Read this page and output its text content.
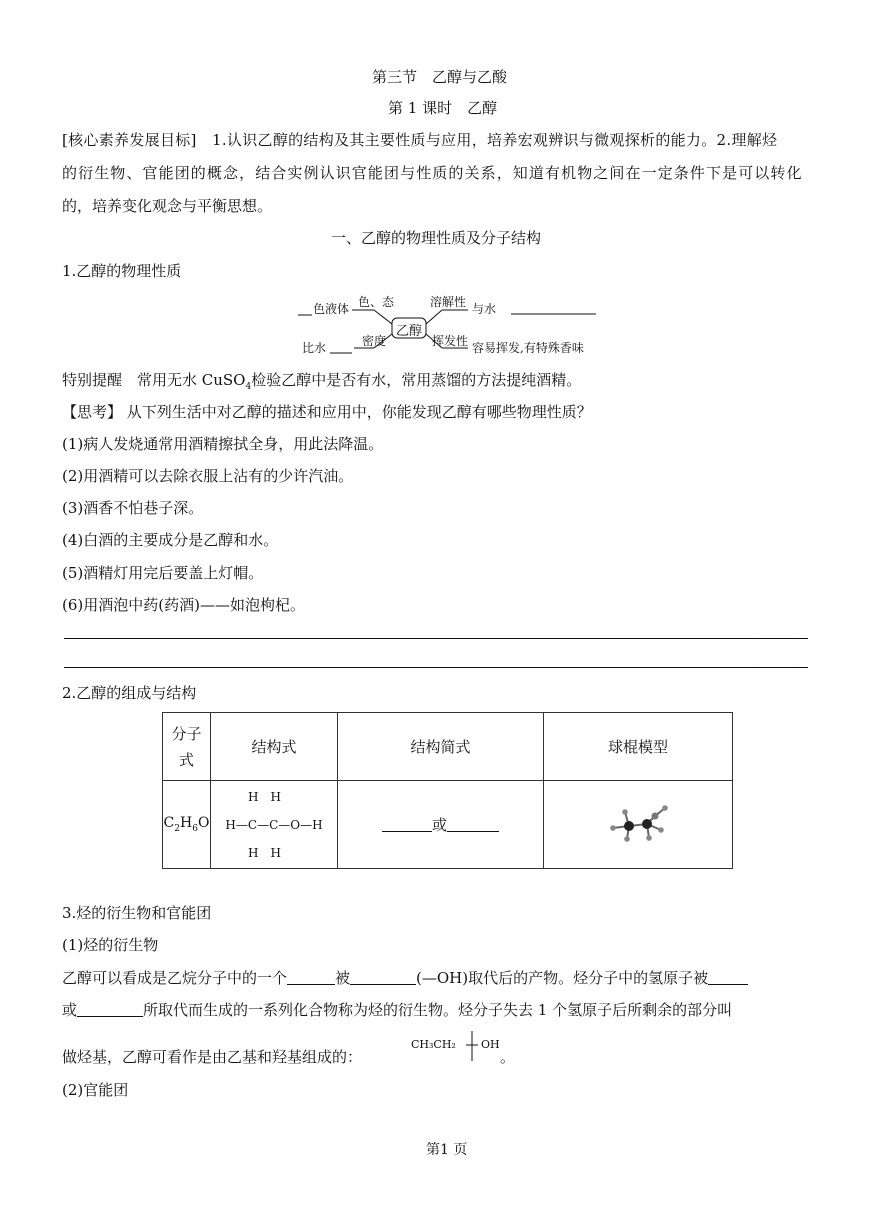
第三节　乙醇与乙酸
第 1 课时　乙醇
[核心素养发展目标]　1.认识乙醇的结构及其主要性质与应用，培养宏观辨识与微观探析的能力。2.理解烃
的衍生物、官能团的概念，结合实例认识官能团与性质的关系，知道有机物之间在一定条件下是可以转化
的，培养变化观念与平衡思想。
一、乙醇的物理性质及分子结构
1.乙醇的物理性质
乙醇
色液体 色、态
比水	密度
溶解性 与水
挥发性 容易挥发,有特殊香味
特别提醒　常用无水 CuSO$_4$检验乙醇中是否有水，常用蒸馏的方法提纯酒精。
【思考】 从下列生活中对乙醇的描述和应用中，你能发现乙醇有哪些物理性质？
(1)病人发烧通常用酒精擦拭全身，用此法降温。
(2)用酒精可以去除衣服上沾有的少许汽油。
(3)酒香不怕巷子深。
(4)白酒的主要成分是乙醇和水。
(5)酒精灯用完后要盖上灯帽。
(6)用酒泡中药(药酒)——如泡枸杞。
2.乙醇的组成与结构
分子
式	结构式	结构简式	球棍模型
$C_2H_6O$	H　H
H—C—C—O—H
H　H	或	
3.烃的衍生物和官能团
(1)烃的衍生物
乙醇可以看成是乙烷分子中的一个	被	(—OH)取代后的产物。烃分子中的氢原子被
或	所取代而生成的一系列化合物称为烃的衍生物。烃分子失去 1 个氢原子后所剩余的部分叫
做烃基，乙醇可看作是由乙基和羟基组成的：
CH₃CH₂ OH
。
(2)官能团
第1 页
